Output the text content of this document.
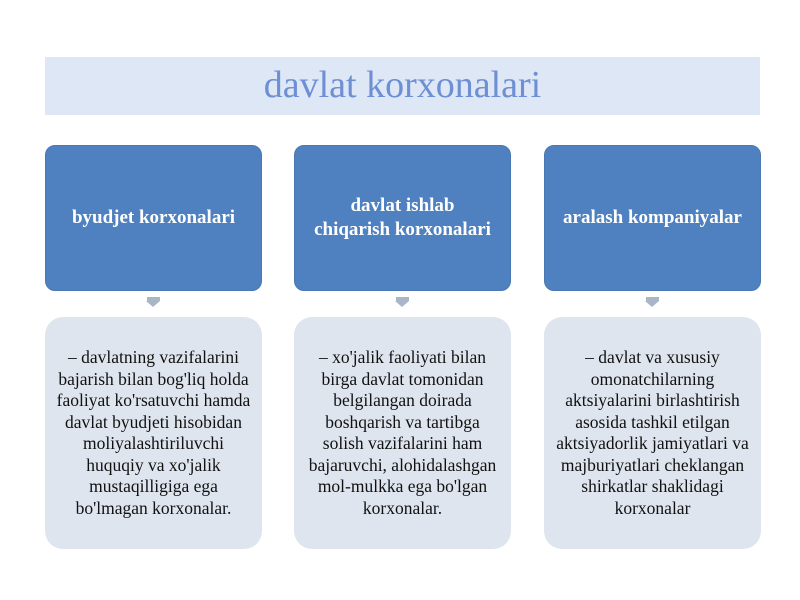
davlat korxonalari
byudjet korxonalari
– davlatning vazifalarini bajarish bilan bog'liq holda faoliyat ko'rsatuvchi hamda davlat byudjeti hisobidan moliyalashtiriluvchi huquqiy va xo'jalik mustaqilligiga ega bo'lmagan korxonalar.
davlat ishlab chiqarish korxonalari
– xo'jalik faoliyati bilan birga davlat tomonidan belgilangan doirada boshqarish va tartibga solish vazifalarini ham bajaruvchi, alohidalashgan mol-mulkka ega bo'lgan korxonalar.
aralash kompaniyalar
– davlat va xususiy omonatchilarning aktsiyalarini birlashtirish asosida tashkil etilgan aktsiyadorlik jamiyatlari va majburiyatlari cheklangan shirkatlar shaklidagi korxonalar
